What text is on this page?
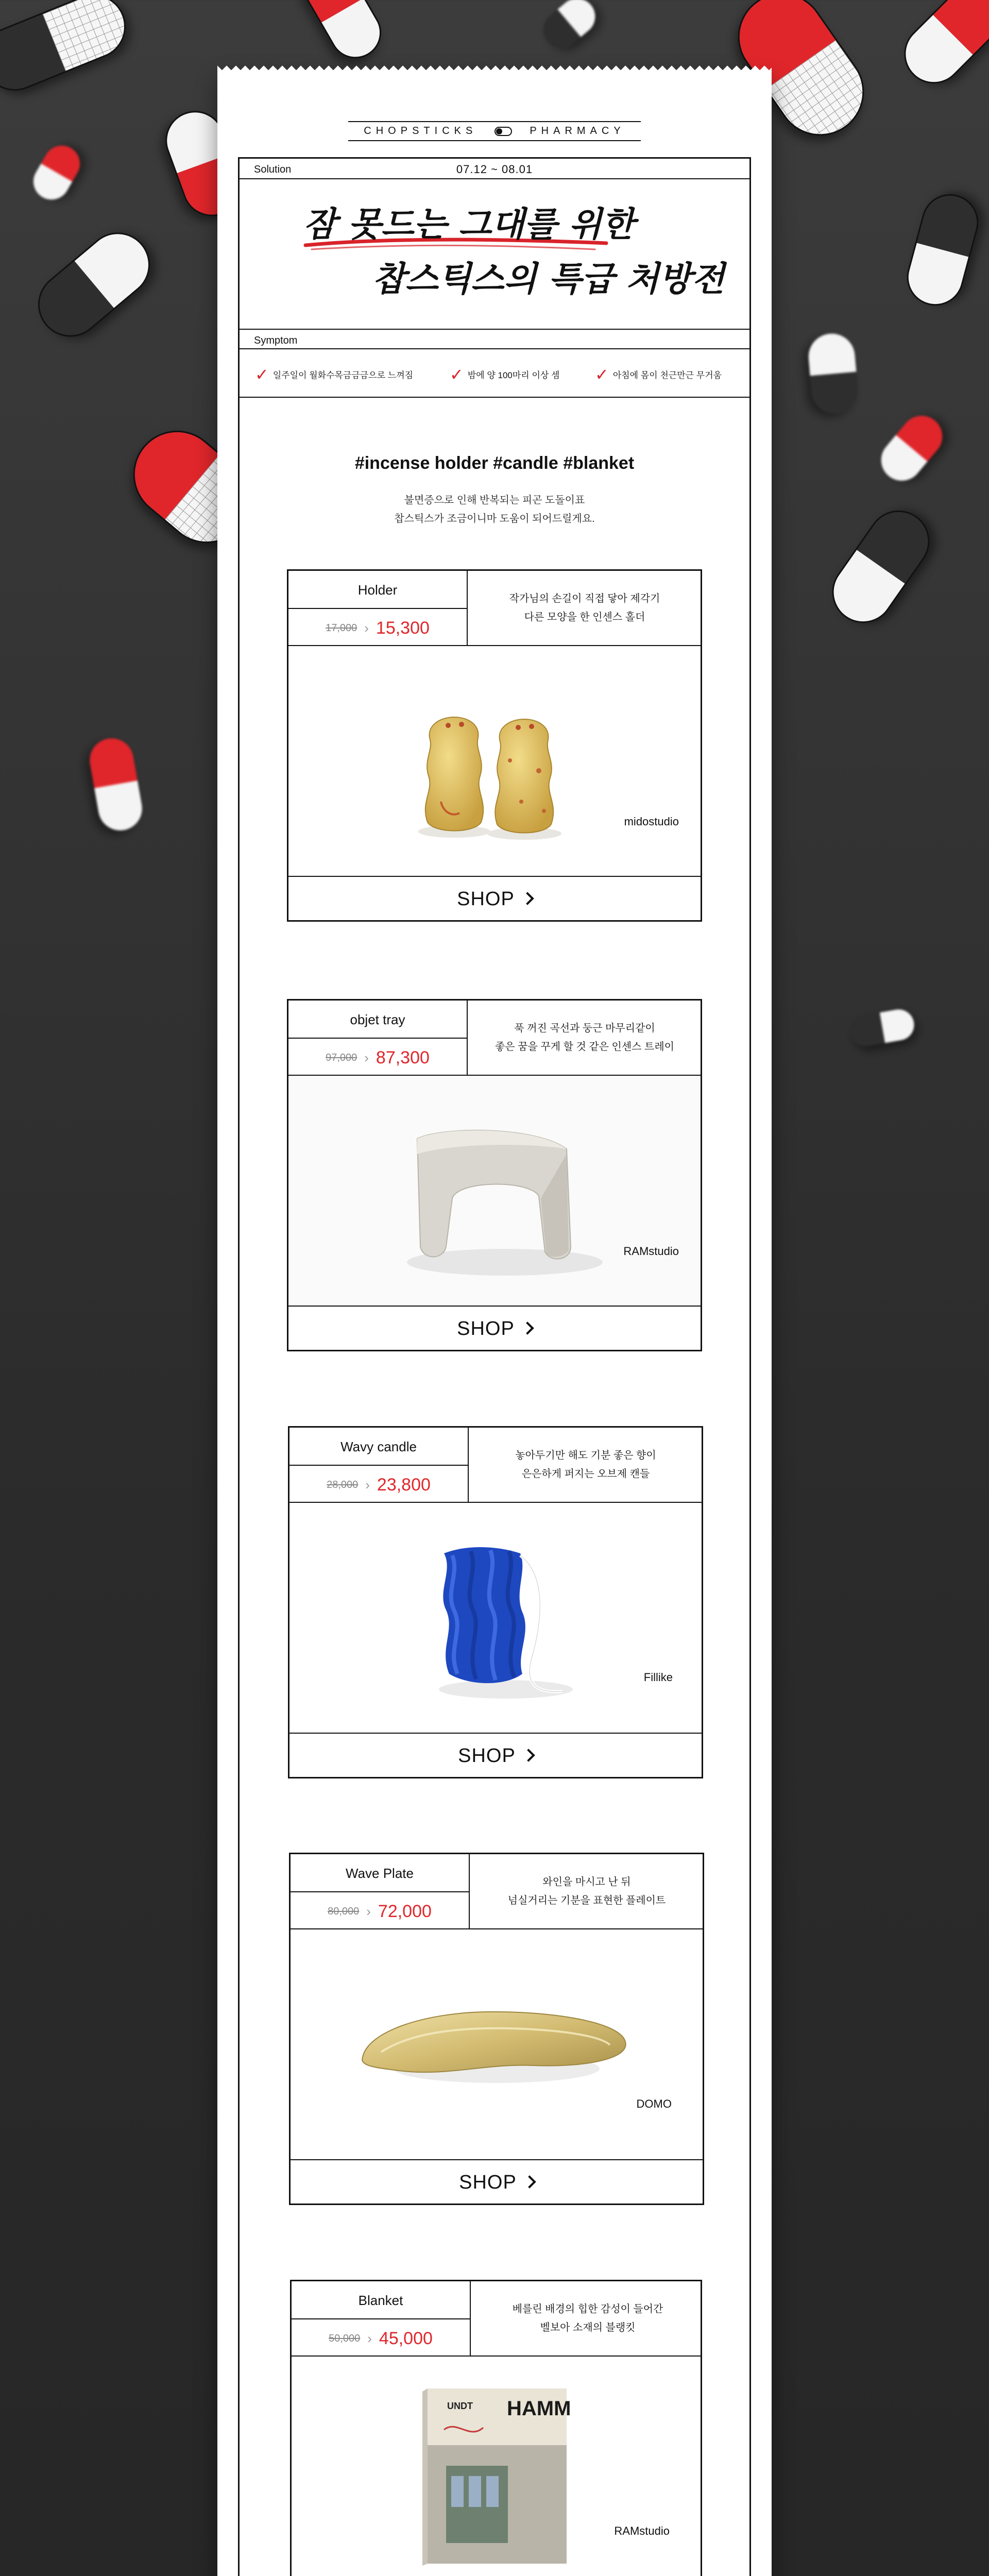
CHOPSTICKS	PHARMACY
Solution	07.12 ~ 08.01
잠 못드는 그대를 위한
찹스틱스의 특급 처방전
Symptom
✓ 일주일이 월화수목금금금으로 느껴짐 ✓ 밤에 양 100마리 이상 셈 ✓ 아침에 몸이 천근만근 무거움
#incense holder #candle #blanket
불면증으로 인해 반복되는 피곤 도돌이표
찹스틱스가 조금이니마 도움이 되어드릴게요.
Holder
17,000 › 15,300
작가님의 손길이 직접 닿아 제각기
다른 모양을 한 인센스 홀더
midostudio
SHOP
objet tray
97,000 › 87,300
푹 꺼진 곡선과 둥근 마무리같이
좋은 꿈을 꾸게 할 것 같은 인센스 트레이
RAMstudio
SHOP
Wavy candle
28,000 › 23,800
놓아두기만 해도 기분 좋은 향이
은은하게 퍼지는 오브제 캔들
Fillike
SHOP
Wave Plate
80,000 › 72,000
와인을 마시고 난 뒤
넘실거리는 기분을 표현한 플레이트
DOMO
SHOP
Blanket
50,000 › 45,000
베를린 배경의 힙한 감성이 들어간
벨보아 소재의 블랭킷
UNDT HAMM
RAMstudio
